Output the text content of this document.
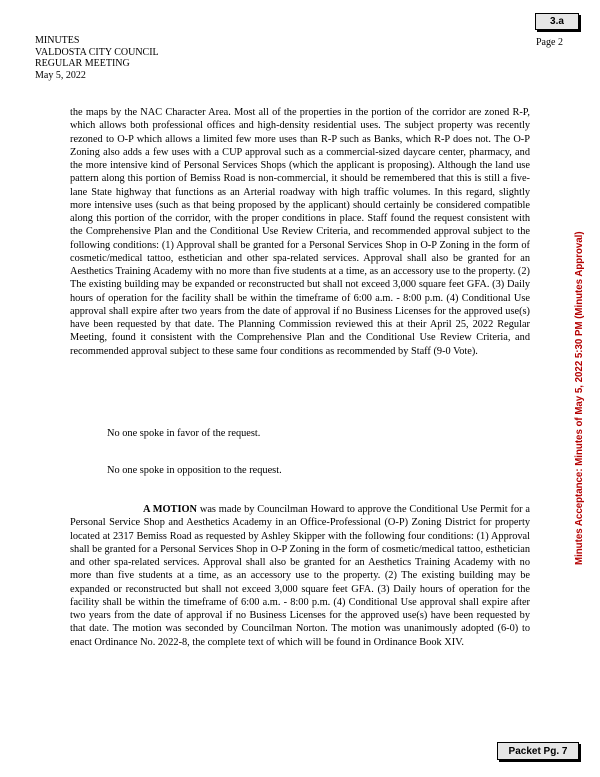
MINUTES
VALDOSTA CITY COUNCIL
REGULAR MEETING
May 5, 2022
3.a
Page 2
Minutes Acceptance: Minutes of May 5, 2022 5:30 PM (Minutes Approval)

the maps by the NAC Character Area. Most all of the properties in the portion of the corridor are zoned R-P, which allows both professional offices and high-density residential uses. The subject property was recently rezoned to O-P which allows a limited few more uses than R-P such as Banks, which R-P does not. The O-P Zoning also adds a few uses with a CUP approval such as a commercial-sized daycare center, pharmacy, and the more intensive kind of Personal Services Shops (which the applicant is proposing). Although the land use pattern along this portion of Bemiss Road is non-commercial, it should be remembered that this is still a five-lane State highway that functions as an Arterial roadway with high traffic volumes. In this regard, slightly more intensive uses (such as that being proposed by the applicant) should certainly be considered compatible along this portion of the corridor, with the proper conditions in place. Staff found the request consistent with the Comprehensive Plan and the Conditional Use Review Criteria, and recommended approval subject to the following conditions: (1) Approval shall be granted for a Personal Services Shop in O-P Zoning in the form of cosmetic/medical tattoo, esthetician and other spa-related services. Approval shall also be granted for an Aesthetics Training Academy with no more than five students at a time, as an accessory use to the property. (2) The existing building may be expanded or reconstructed but shall not exceed 3,000 square feet GFA. (3) Daily hours of operation for the facility shall be within the timeframe of 6:00 a.m. - 8:00 p.m. (4) Conditional Use approval shall expire after two years from the date of approval if no Business Licenses for the approved use(s) have been requested by that date. The Planning Commission reviewed this at their April 25, 2022 Regular Meeting, found it consistent with the Comprehensive Plan and the Conditional Use Review Criteria, and recommended approval subject to these same four conditions as recommended by Staff (9-0 Vote).

No one spoke in favor of the request.

No one spoke in opposition to the request.

A MOTION was made by Councilman Howard to approve the Conditional Use Permit for a Personal Service Shop and Aesthetics Academy in an Office-Professional (O-P) Zoning District for property located at 2317 Bemiss Road as requested by Ashley Skipper with the following four conditions: (1) Approval shall be granted for a Personal Services Shop in O-P Zoning in the form of cosmetic/medical tattoo, esthetician and other spa-related services. Approval shall also be granted for an Aesthetics Training Academy with no more than five students at a time, as an accessory use to the property. (2) The existing building may be expanded or reconstructed but shall not exceed 3,000 square feet GFA. (3) Daily hours of operation for the facility shall be within the timeframe of 6:00 a.m. - 8:00 p.m. (4) Conditional Use approval shall expire after two years from the date of approval if no Business Licenses for the approved use(s) have been requested by that date. The motion was seconded by Councilman Norton. The motion was unanimously adopted (6-0) to enact Ordinance No. 2022-8, the complete text of which will be found in Ordinance Book XIV.

Packet Pg. 7
